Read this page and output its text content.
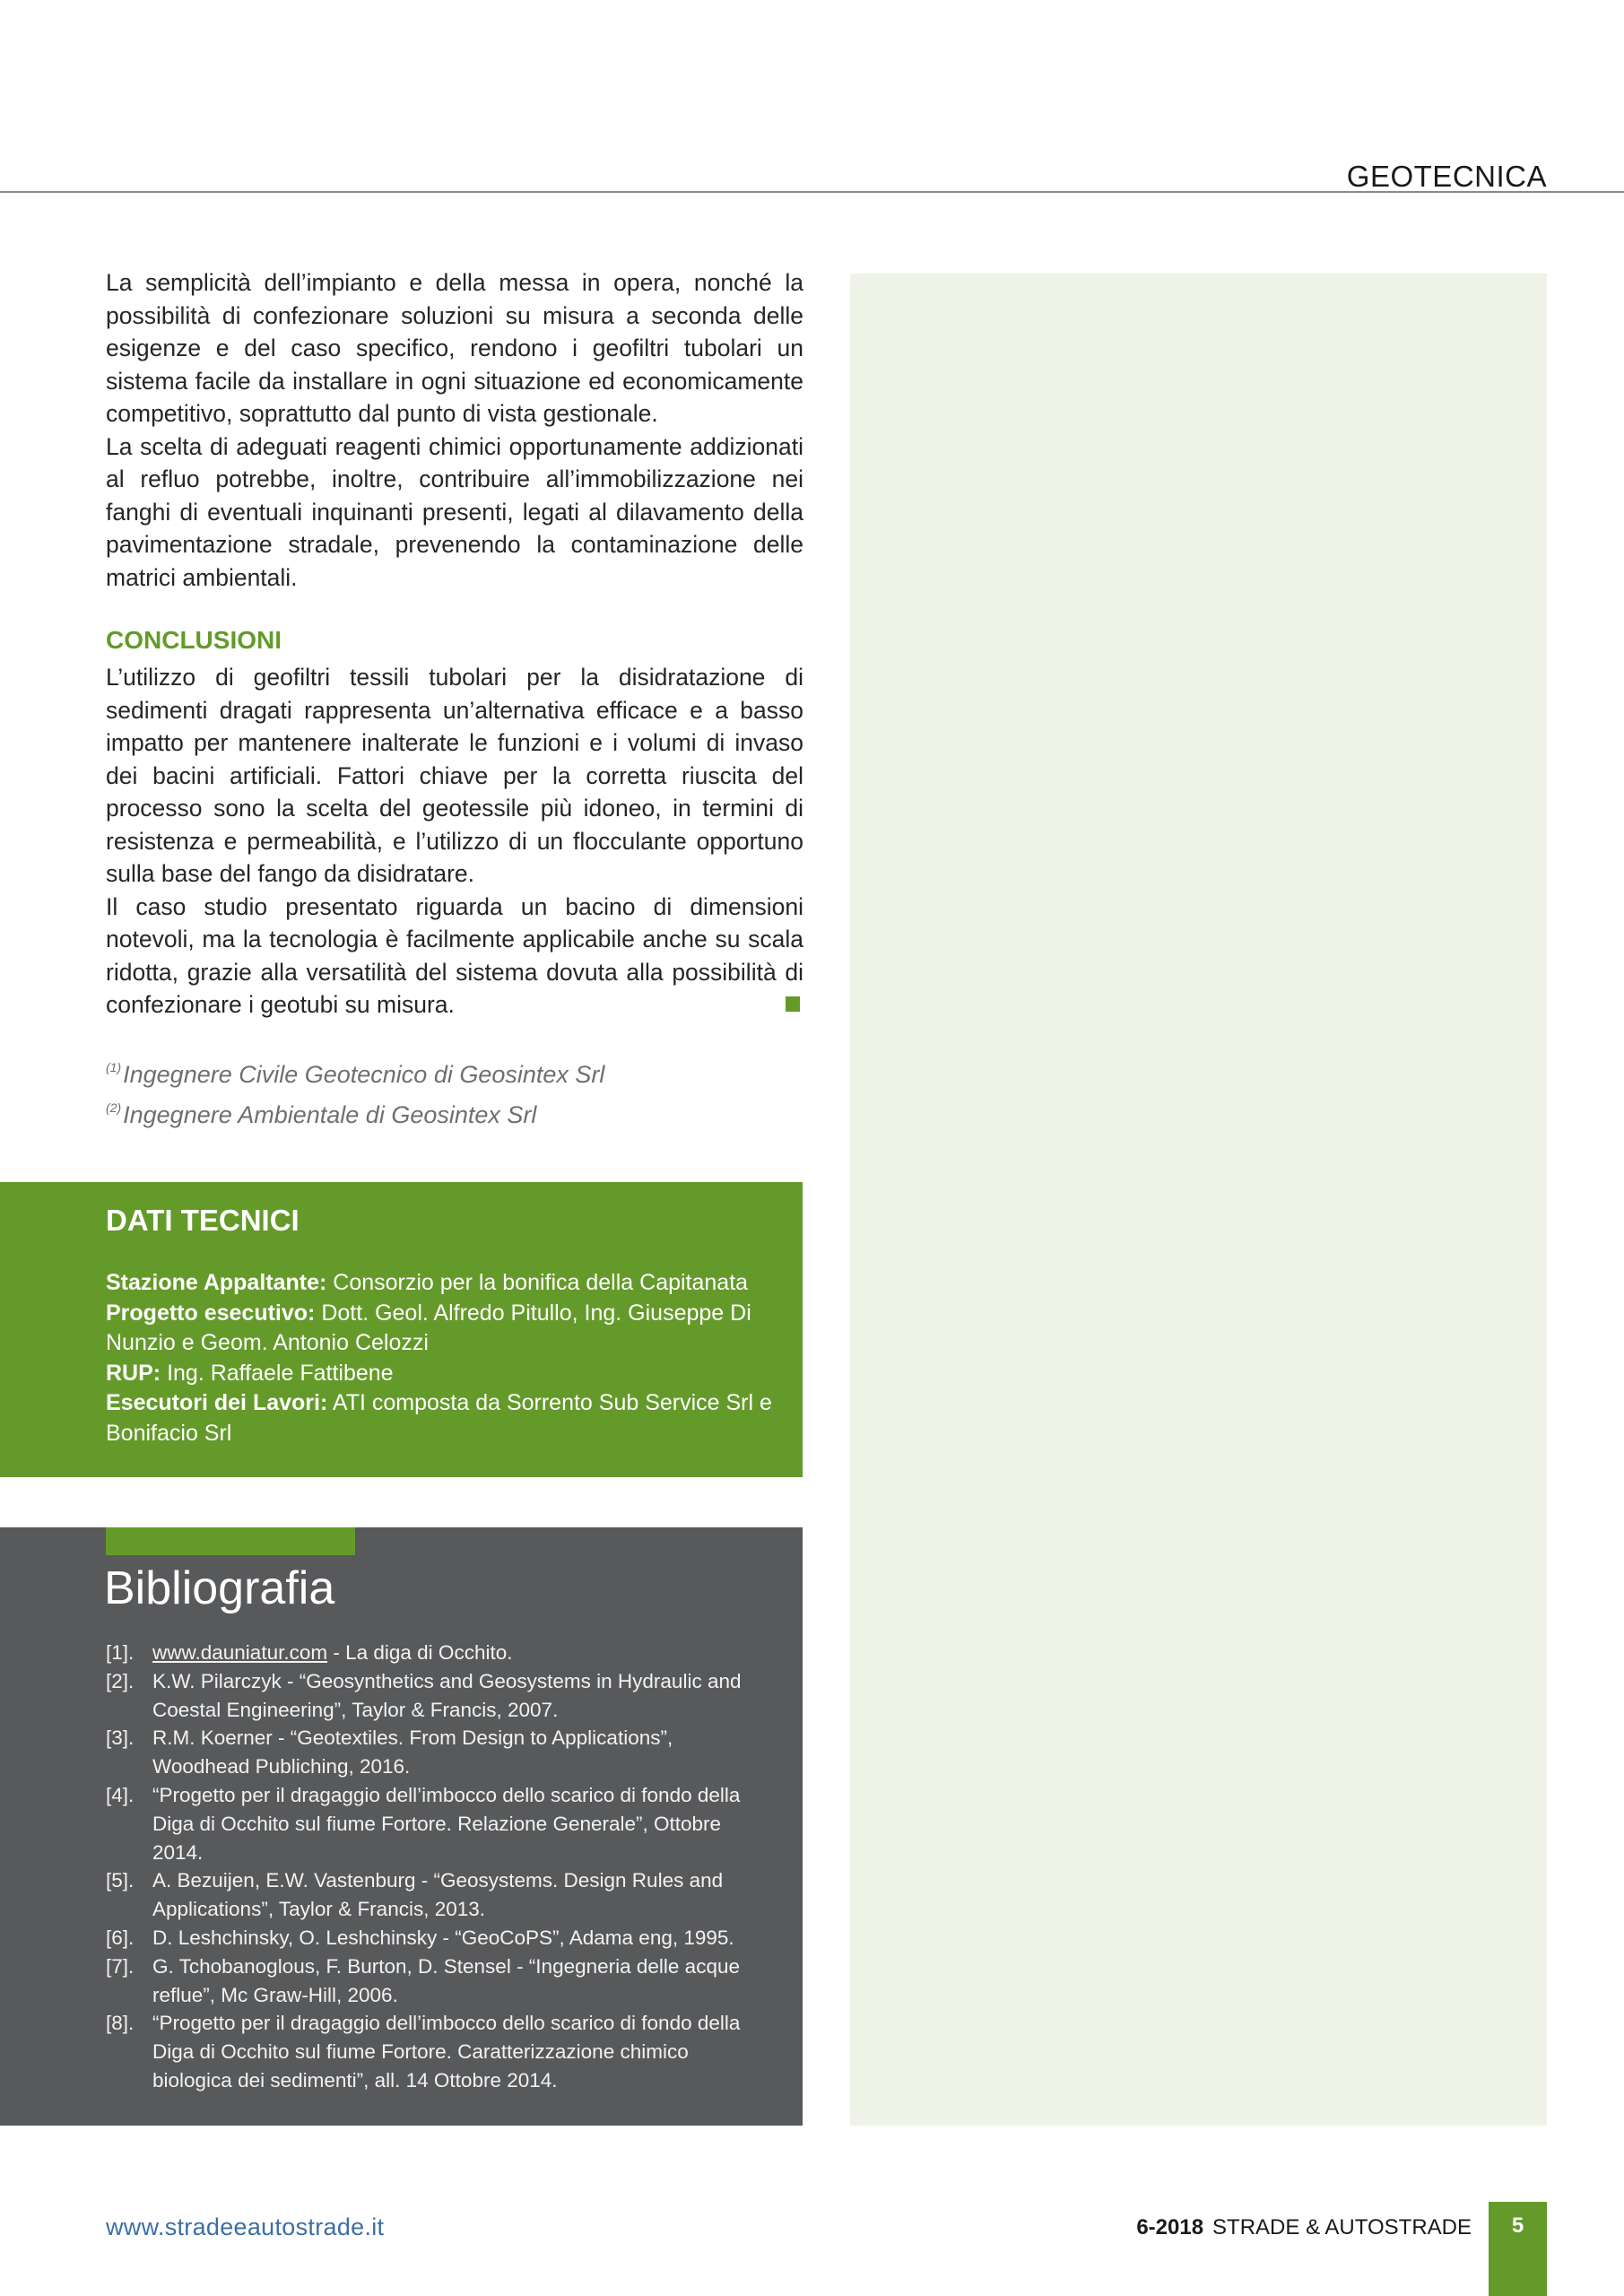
GEOTECNICA

La semplicità dell’impianto e della messa in opera, nonché la possibilità di confezionare soluzioni su misura a seconda delle esigenze e del caso specifico, rendono i geofiltri tubolari un sistema facile da installare in ogni situazione ed economicamente competitivo, soprattutto dal punto di vista gestionale.

La scelta di adeguati reagenti chimici opportunamente addizionati al refluo potrebbe, inoltre, contribuire all’immobilizzazione nei fanghi di eventuali inquinanti presenti, legati al dilavamento della pavimentazione stradale, prevenendo la contaminazione delle matrici ambientali.

CONCLUSIONI

L’utilizzo di geofiltri tessili tubolari per la disidratazione di sedimenti dragati rappresenta un’alternativa efficace e a basso impatto per mantenere inalterate le funzioni e i volumi di invaso dei bacini artificiali. Fattori chiave per la corretta riuscita del processo sono la scelta del geotessile più idoneo, in termini di resistenza e permeabilità, e l’utilizzo di un flocculante opportuno sulla base del fango da disidratare.

Il caso studio presentato riguarda un bacino di dimensioni notevoli, ma la tecnologia è facilmente applicabile anche su scala ridotta, grazie alla versatilità del sistema dovuta alla possibilità di confezionare i geotubi su misura.

$^{(1)}$Ingegnere Civile Geotecnico di Geosintex Srl
$^{(2)}$Ingegnere Ambientale di Geosintex Srl
DATI TECNICI
Stazione Appaltante: Consorzio per la bonifica della Capitanata
Progetto esecutivo: Dott. Geol. Alfredo Pitullo, Ing. Giuseppe Di Nunzio e Geom. Antonio Celozzi
RUP: Ing. Raffaele Fattibene
Esecutori dei Lavori: ATI composta da Sorrento Sub Service Srl e Bonifacio Srl
Bibliografia
[1]. www.dauniatur.com - La diga di Occhito.
[2]. K.W. Pilarczyk - “Geosynthetics and Geosystems in Hydraulic and Coestal Engineering”, Taylor & Francis, 2007.
[3]. R.M. Koerner - “Geotextiles. From Design to Applications”, Woodhead Publiching, 2016.
[4]. “Progetto per il dragaggio dell’imbocco dello scarico di fondo della Diga di Occhito sul fiume Fortore. Relazione Generale”, Ottobre 2014.
[5]. A. Bezuijen, E.W. Vastenburg - “Geosystems. Design Rules and Applications”, Taylor & Francis, 2013.
[6]. D. Leshchinsky, O. Leshchinsky - “GeoCoPS”, Adama eng, 1995.
[7]. G. Tchobanoglous, F. Burton, D. Stensel - “Ingegneria delle acque reflue”, Mc Graw-Hill, 2006.
[8]. “Progetto per il dragaggio dell’imbocco dello scarico di fondo della Diga di Occhito sul fiume Fortore. Caratterizzazione chimico biologica dei sedimenti”, all. 14 Ottobre 2014.
www.stradeeautostrade.it	6-2018 STRADE & AUTOSTRADE	5
